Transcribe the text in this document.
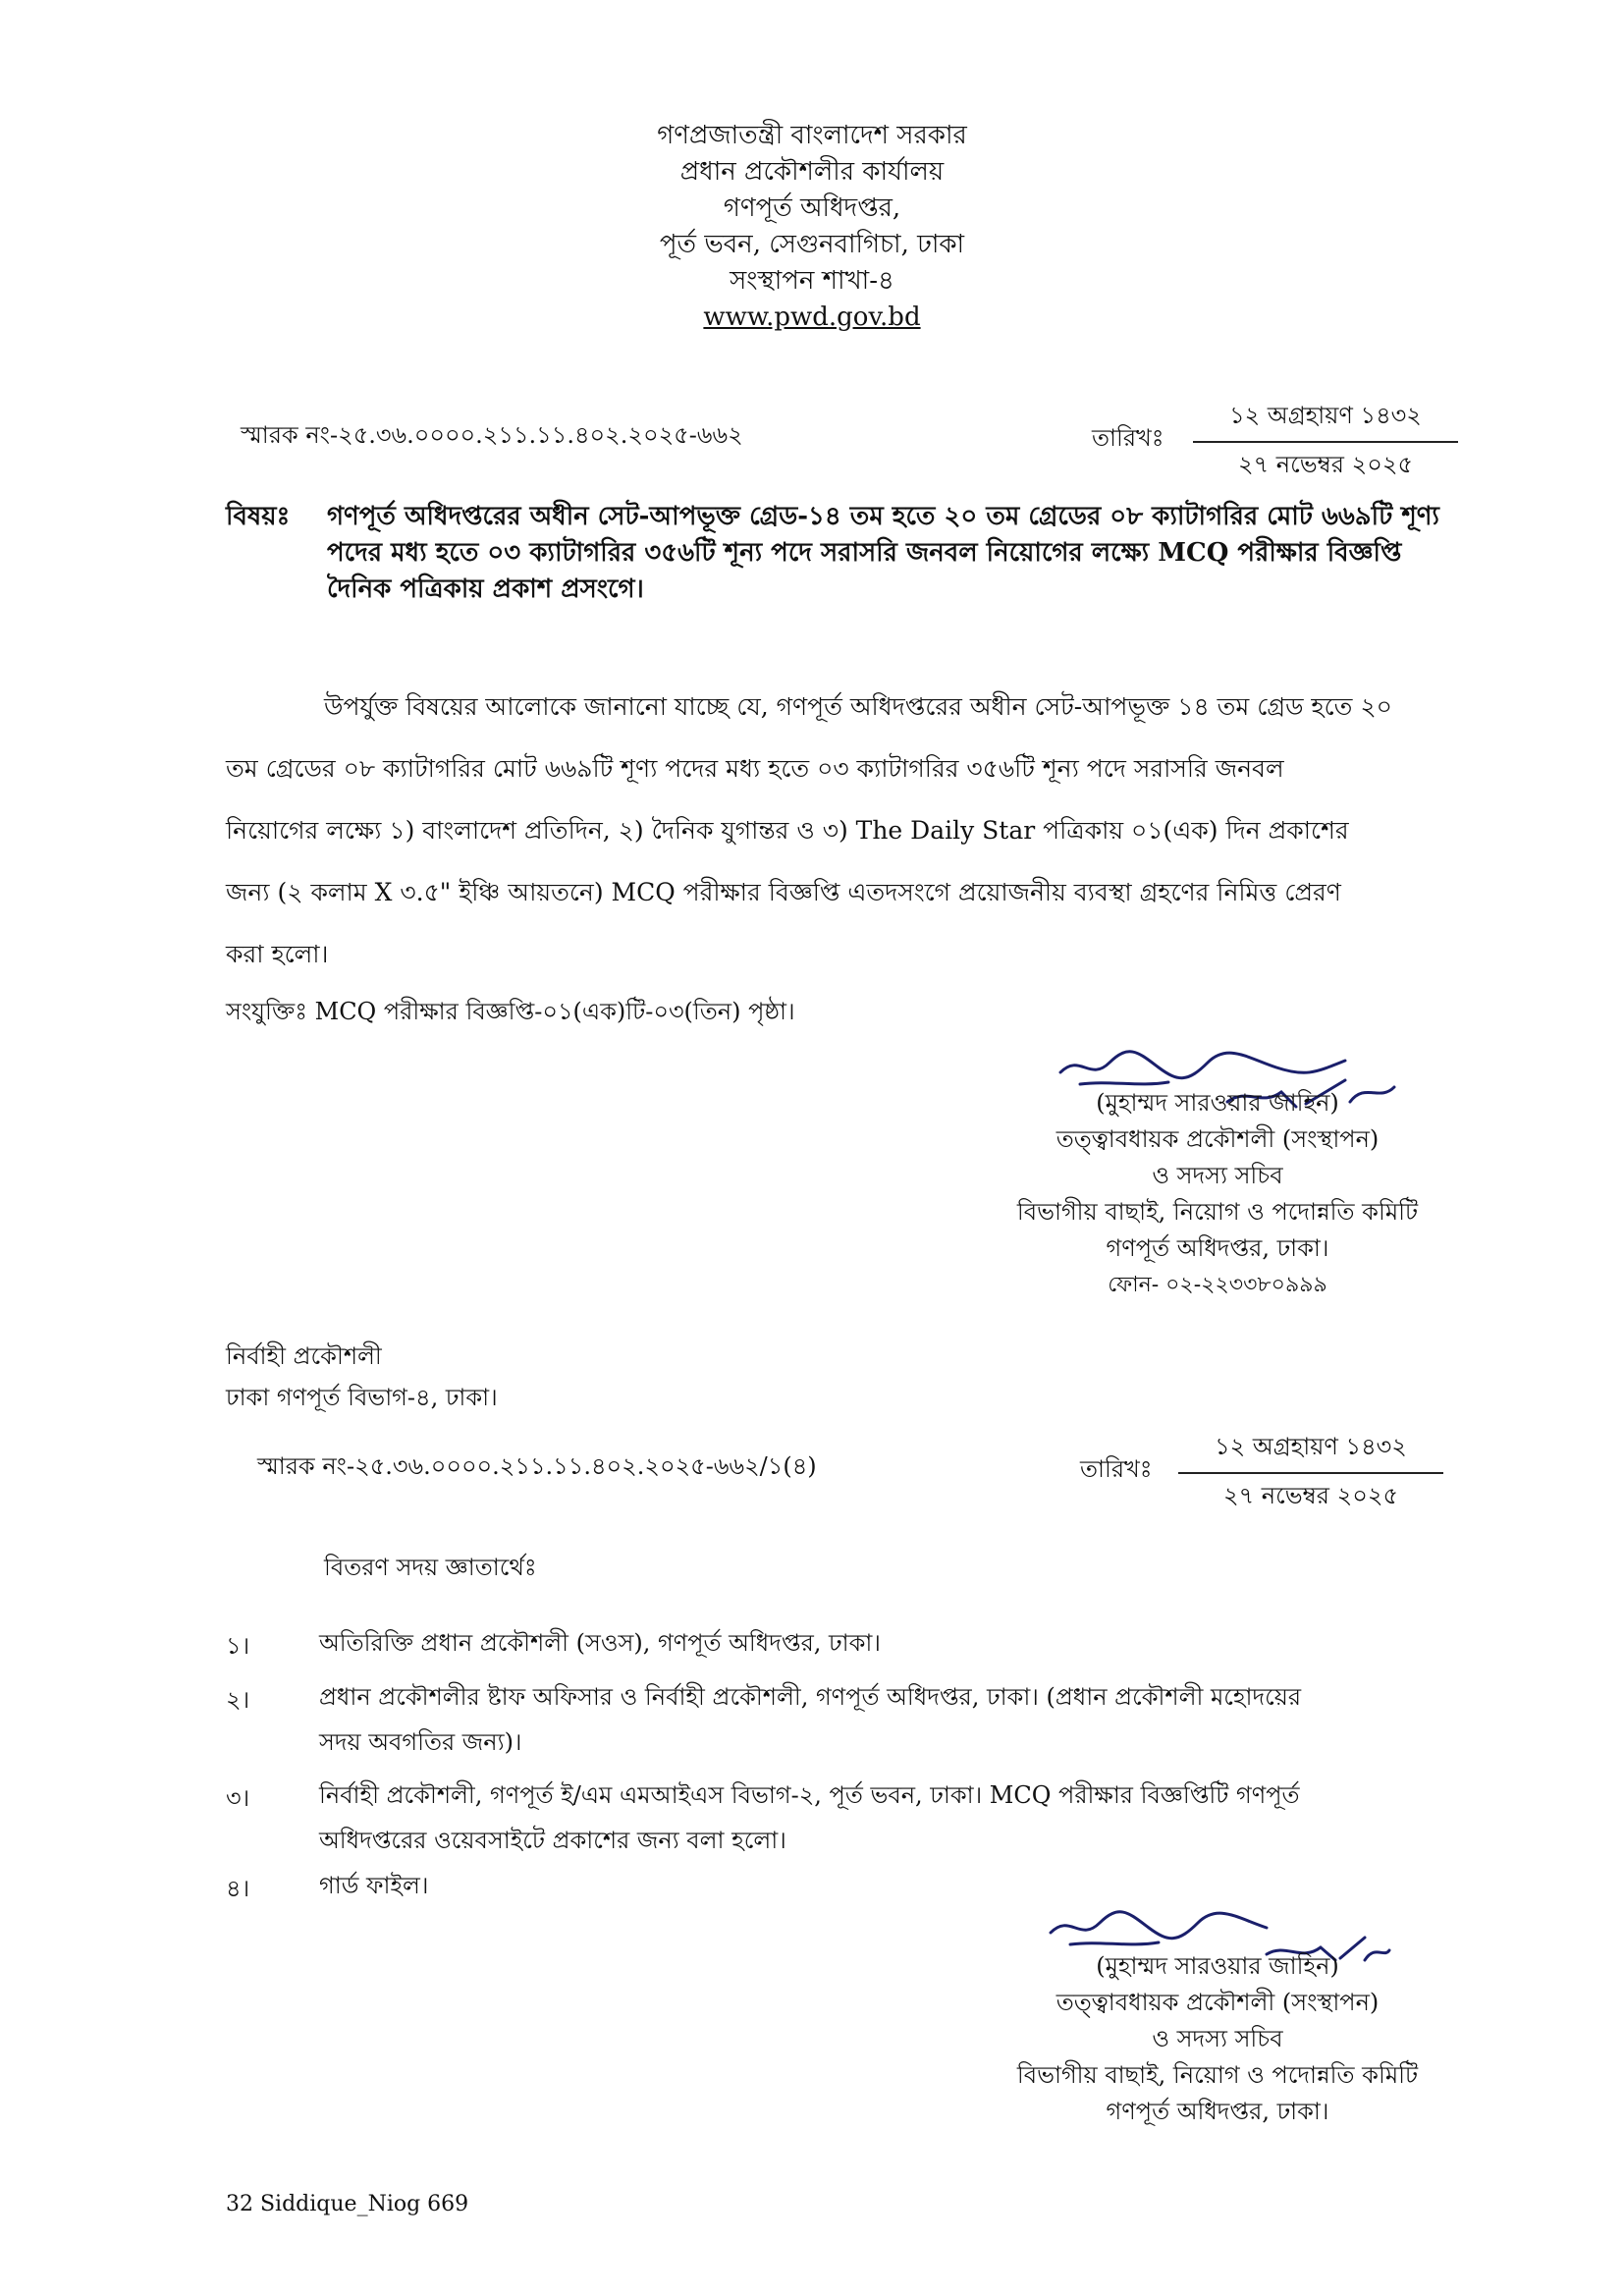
গণপ্রজাতন্ত্রী বাংলাদেশ সরকার
প্রধান প্রকৌশলীর কার্যালয়
গণপূর্ত অধিদপ্তর,
পূর্ত ভবন, সেগুনবাগিচা, ঢাকা
সংস্থাপন শাখা-৪
www.pwd.gov.bd
স্মারক নং-২৫.৩৬.০০০০.২১১.১১.৪০২.২০২৫-৬৬২	তারিখঃ
১২ অগ্রহায়ণ ১৪৩২
২৭ নভেম্বর ২০২৫
বিষয়ঃ গণপূর্ত অধিদপ্তরের অধীন সেট-আপভূক্ত গ্রেড-১৪ তম হতে ২০ তম গ্রেডের ০৮ ক্যাটাগরির মোট ৬৬৯টি শূণ্য
পদের মধ্য হতে ০৩ ক্যাটাগরির ৩৫৬টি শূন্য পদে সরাসরি জনবল নিয়োগের লক্ষ্যে MCQ পরীক্ষার বিজ্ঞপ্তি
দৈনিক পত্রিকায় প্রকাশ প্রসংগে।
উপর্যুক্ত বিষয়ের আলোকে জানানো যাচ্ছে যে, গণপূর্ত অধিদপ্তরের অধীন সেট-আপভূক্ত ১৪ তম গ্রেড হতে ২০
তম গ্রেডের ০৮ ক্যাটাগরির মোট ৬৬৯টি শূণ্য পদের মধ্য হতে ০৩ ক্যাটাগরির ৩৫৬টি শূন্য পদে সরাসরি জনবল
নিয়োগের লক্ষ্যে ১) বাংলাদেশ প্রতিদিন, ২) দৈনিক যুগান্তর ও ৩) The Daily Star পত্রিকায় ০১(এক) দিন প্রকাশের
জন্য (২ কলাম X ৩.৫" ইঞ্চি আয়তনে) MCQ পরীক্ষার বিজ্ঞপ্তি এতদসংগে প্রয়োজনীয় ব্যবস্থা গ্রহণের নিমিত্ত প্রেরণ
করা হলো।
সংযুক্তিঃ MCQ পরীক্ষার বিজ্ঞপ্তি-০১(এক)টি-০৩(তিন) পৃষ্ঠা।
(মুহাম্মদ সারওয়ার জাহিন)
তত্ত্বাবধায়ক প্রকৌশলী (সংস্থাপন)
ও সদস্য সচিব
বিভাগীয় বাছাই, নিয়োগ ও পদোন্নতি কমিটি
গণপূর্ত অধিদপ্তর, ঢাকা।
ফোন- ০২-২২৩৩৮০৯৯৯
নির্বাহী প্রকৌশলী
ঢাকা গণপূর্ত বিভাগ-৪, ঢাকা।
স্মারক নং-২৫.৩৬.০০০০.২১১.১১.৪০২.২০২৫-৬৬২/১(৪)	তারিখঃ
১২ অগ্রহায়ণ ১৪৩২
২৭ নভেম্বর ২০২৫
বিতরণ সদয় জ্ঞাতার্থেঃ
১।	অতিরিক্তি প্রধান প্রকৌশলী (সওস), গণপূর্ত অধিদপ্তর, ঢাকা।
২।	প্রধান প্রকৌশলীর ষ্টাফ অফিসার ও নির্বাহী প্রকৌশলী, গণপূর্ত অধিদপ্তর, ঢাকা। (প্রধান প্রকৌশলী মহোদয়ের
সদয় অবগতির জন্য)।
৩।	নির্বাহী প্রকৌশলী, গণপূর্ত ই/এম এমআইএস বিভাগ-২, পূর্ত ভবন, ঢাকা। MCQ পরীক্ষার বিজ্ঞপ্তিটি গণপূর্ত
অধিদপ্তরের ওয়েবসাইটে প্রকাশের জন্য বলা হলো।
৪।	গার্ড ফাইল।
(মুহাম্মদ সারওয়ার জাহিন)
তত্ত্বাবধায়ক প্রকৌশলী (সংস্থাপন)
ও সদস্য সচিব
বিভাগীয় বাছাই, নিয়োগ ও পদোন্নতি কমিটি
গণপূর্ত অধিদপ্তর, ঢাকা।
32 Siddique_Niog 669
